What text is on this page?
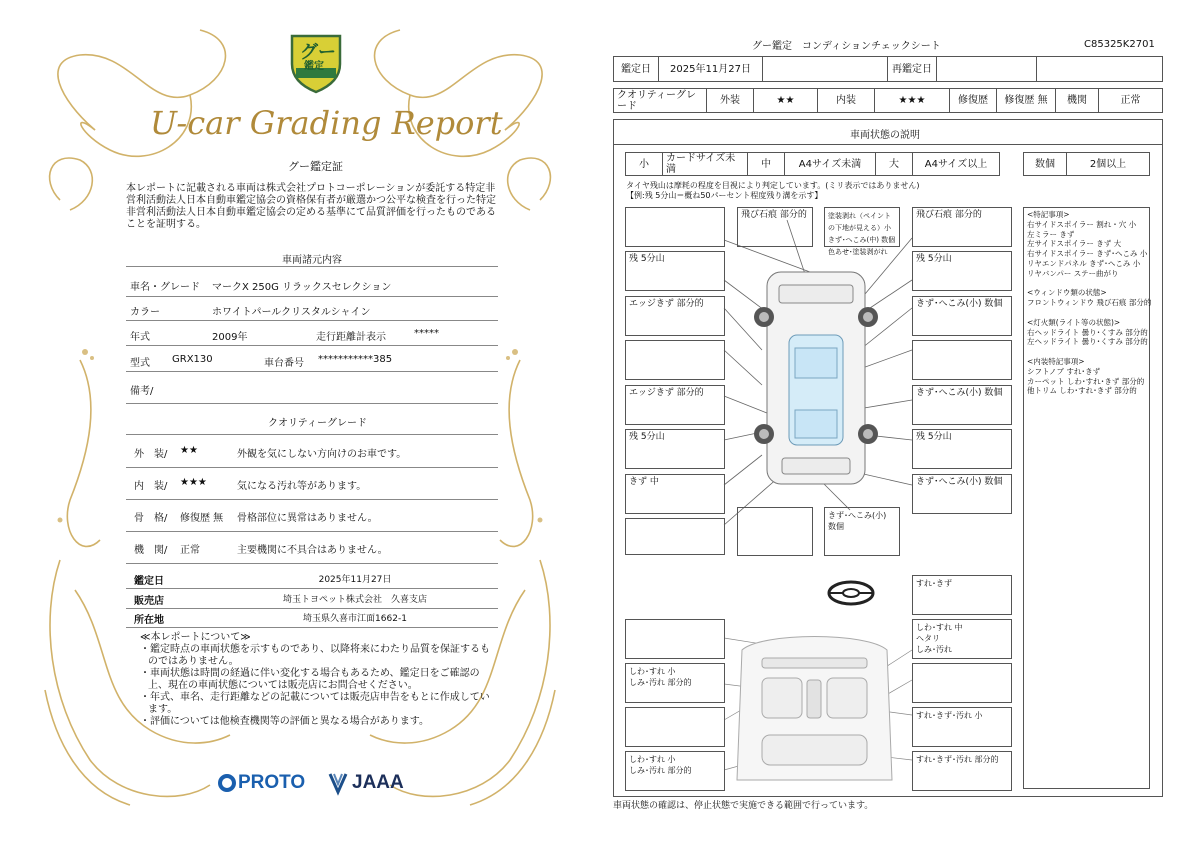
グー
鑑定
U-car Grading Report
グー鑑定証
本レポートに記載される車両は株式会社プロトコーポレーションが委託する特定非営利活動法人日本自動車鑑定協会の資格保有者が厳選かつ公平な検査を行った特定非営利活動法人日本自動車鑑定協会の定める基準にて品質評価を行ったものであることを証明する。
車両諸元内容
車名・グレード マークX 250G リラックスセレクション
カラー	ホワイトパールクリスタルシャイン
年式	2009年	走行距離計表示	*****
型式 GRX130	車台番号 ***********385
備考/
クオリティーグレード
外　装/ ★★	外観を気にしない方向けのお車です。
内　装/ ★★★	気になる汚れ等があります。
骨　格/ 修復歴 無 骨格部位に異常はありません。
機　関/ 正常	主要機関に不具合はありません。
鑑定日	2025年11月27日
販売店	埼玉トヨペット株式会社　久喜支店
所在地	埼玉県久喜市江面1662-1

≪本レポートについて≫

・鑑定時点の車両状態を示すものであり、以降将来にわたり品質を保証するものではありません。

・車両状態は時間の経過に伴い変化する場合もあるため、鑑定日をご確認の上、現在の車両状態については販売店にお問合せください。

・年式、車名、走行距離などの記載については販売店申告をもとに作成しています。

・評価については他検査機関等の評価と異なる場合があります。

PROTO JAAA
グー鑑定　コンディションチェックシート	C85325K2701
鑑定日	2025年11月27日	再鑑定日
クオリティーグレード	外装	★★	内装	★★★	修復歴	修復歴 無	機関	正常
車両状態の説明
小	カードサイズ未満	中	A4サイズ未満	大	A4サイズ以上	数個	2個以上
タイヤ残山は摩耗の程度を目視により判定しています。(ミリ表示ではありません)
【例:残 5分山＝概ね50パーセント程度残り溝を示す】
残 5分山
エッジきず 部分的
エッジきず 部分的
残 5分山
きず 中
飛び石痕 部分的	塗装剥れ（ペイントの下地が見える）小
きず･へこみ(中) 数個
色あせ･塗装剥がれ
飛び石痕 部分的
残 5分山
きず･へこみ(小) 数個
きず･へこみ(小) 数個
残 5分山
きず･へこみ(小) 数個
きず･へこみ(小) 数個
しわ･すれ 小
しみ･汚れ 部分的
しわ･すれ 小
しみ･汚れ 部分的
すれ･きず
しわ･すれ 中
ヘタリ
しみ･汚れ
すれ･きず･汚れ 小
すれ･きず･汚れ 部分的
<特記事項>
右サイドスポイラー 割れ・穴 小
左ミラー きず
左サイドスポイラー きず 大
右サイドスポイラー きず･へこみ 小
リヤエンドパネル きず･へこみ 小
リヤバンパー ステー曲がり
<ウィンドウ類の状態>
フロントウィンドウ 飛び石痕 部分的
<灯火類(ライト等の状態)>
右ヘッドライト 曇り･くすみ 部分的
左ヘッドライト 曇り･くすみ 部分的
<内装特記事項>
シフトノブ すれ･きず
カーペット しわ･すれ･きず 部分的
他トリム しわ･すれ･きず 部分的
車両状態の確認は、停止状態で実施できる範囲で行っています。
